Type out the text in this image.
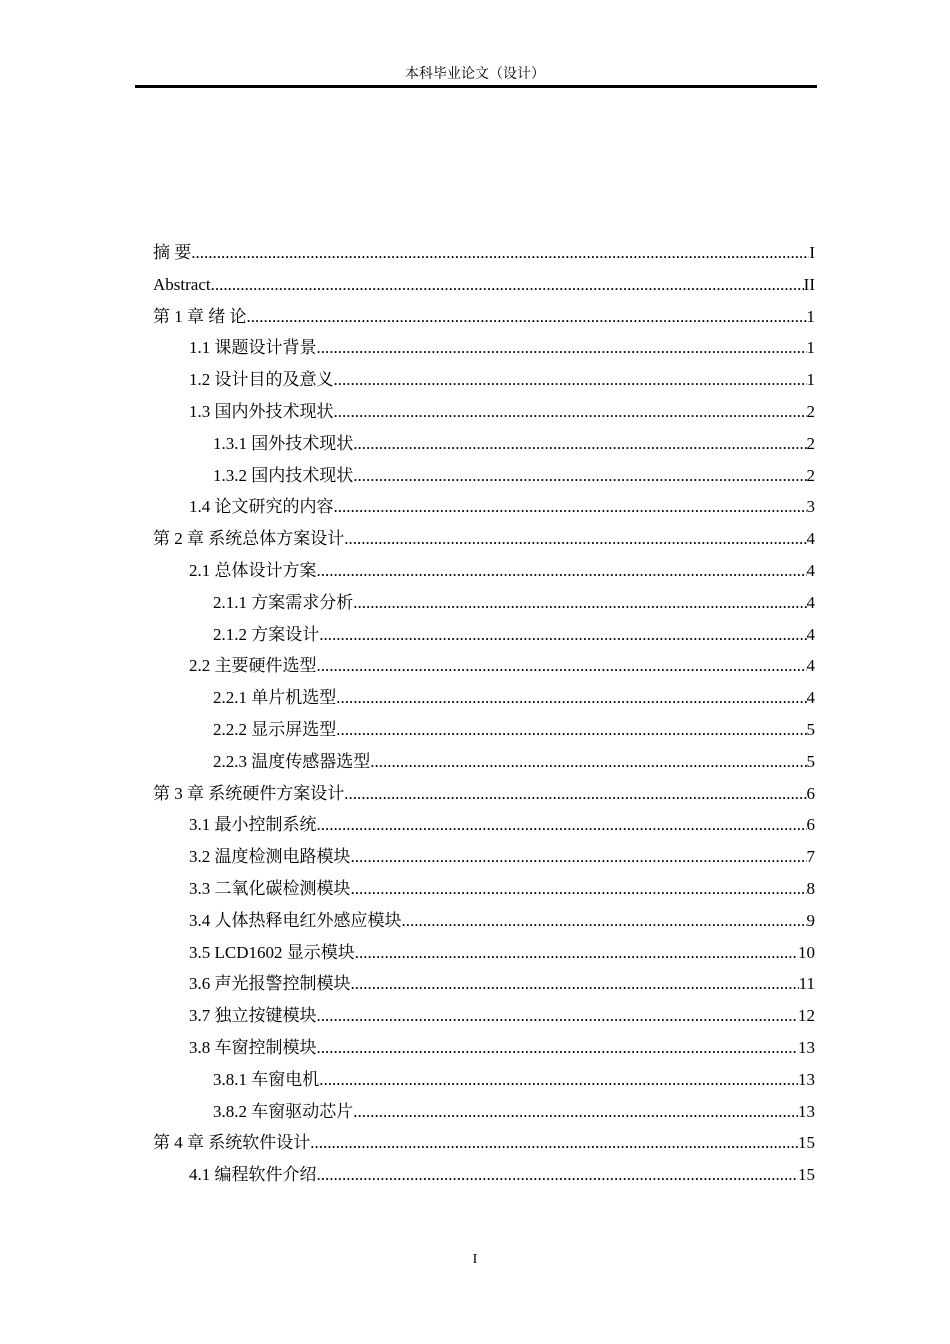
本科毕业论文（设计）
摘 要 .....	I
Abstract .....	II
第 1 章 绪 论 .....	1
1.1 课题设计背景 .....	1
1.2 设计目的及意义 .....	1
1.3 国内外技术现状 .....	2
1.3.1 国外技术现状 .....	2
1.3.2 国内技术现状 .....	2
1.4 论文研究的内容 .....	3
第 2 章 系统总体方案设计 .....	4
2.1 总体设计方案 .....	4
2.1.1 方案需求分析 .....	4
2.1.2 方案设计 .....	4
2.2 主要硬件选型 .....	4
2.2.1 单片机选型 .....	4
2.2.2 显示屏选型 .....	5
2.2.3 温度传感器选型 .....	5
第 3 章 系统硬件方案设计 .....	6
3.1 最小控制系统 .....	6
3.2 温度检测电路模块 .....	7
3.3 二氧化碳检测模块 .....	8
3.4 人体热释电红外感应模块 .....	9
3.5 LCD1602 显示模块 .....	10
3.6 声光报警控制模块 .....	11
3.7 独立按键模块 .....	12
3.8 车窗控制模块 .....	13
3.8.1 车窗电机 .....	13
3.8.2 车窗驱动芯片 .....	13
第 4 章 系统软件设计 .....	15
4.1 编程软件介绍 .....	15
I
